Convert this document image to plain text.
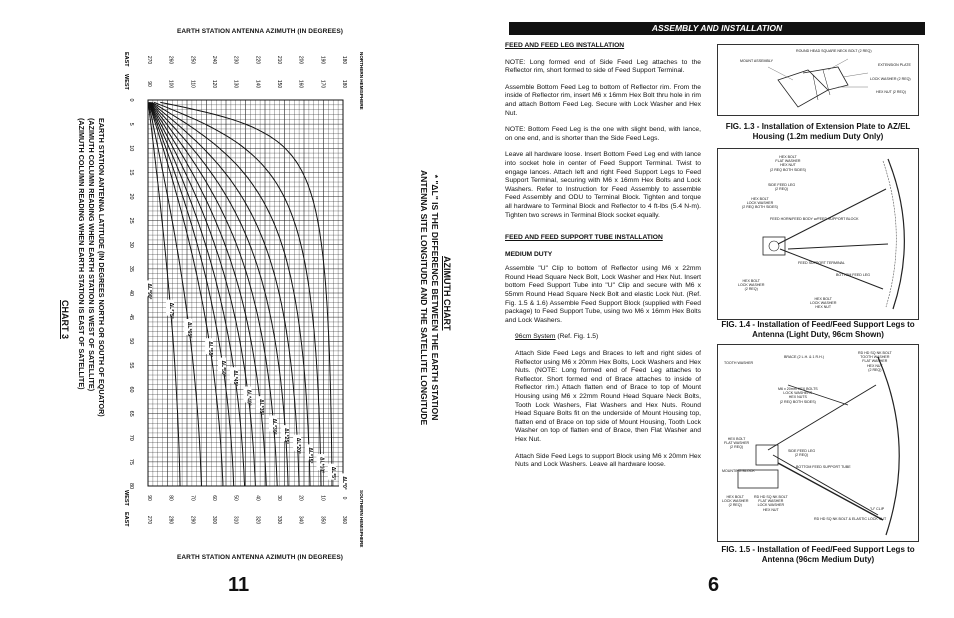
EARTH STATION ANTENNA AZIMUTH (IN DEGREES)
0
5
10
15
20
25
30
35
40
45
50
55
60
65
70
75
80
270	260	250	240	230	220	210	200	190	180
90	100	110	120	130	140	150	160	170	180
90	80	70	60	50	40	30	20	10	0
270	280	290	300	310	320	330	340	350	360
NORTHERN HEMISPHERE
SOUTHERN HEMISPHERE
EAST
WEST
WEST
EAST
ΔL*90°
ΔL*75°
ΔL*65°
ΔL*55°
ΔL*50°
ΔL*45°
ΔL*40°
ΔL*35°
ΔL*30°
ΔL*25°
ΔL*20°
ΔL*15°
ΔL*10°
ΔL*5°
ΔL*0°
EARTH STATION ANTENNA AZIMUTH (IN DEGREES)
AZIMUTH CHART
* "ΔL" IS THE DIFFERENCE BETWEEN THE EARTH STATION
ANTENNA SITE LONGITUDE AND THE SATELLITE LONGITUDE
CHART 3	EARTH STATION ANTENNA LATITUDE (IN DEGREES NORTH OR SOUTH OF EQUATOR)
(AZIMUTH COLUMN READING WHEN EARTH STATION IS WEST OF SATELLITE)
(AZIMUTH COLUMN READING WHEN EARTH STATION IS EAST OF SATELLITE)
11
ASSEMBLY AND INSTALLATION
FEED AND FEED LEG INSTALLATION

NOTE: Long formed end of Side Feed Leg attaches to the Reflector rim, short formed to side of Feed Support Terminal.

Assemble Bottom Feed Leg to bottom of Reflector rim. From the inside of Reflector rim, insert M6 x 16mm Hex Bolt thru hole in rim and attach Bottom Feed Leg. Secure with Lock Washer and Hex Nut.

NOTE: Bottom Feed Leg is the one with slight bend, with lance, on one end, and is shorter than the Side Feed Legs.

Leave all hardware loose. Insert Bottom Feed Leg end with lance into socket hole in center of Feed Support Terminal. Twist to engage lances. Attach left and right Feed Support Legs to Feed Support Terminal, securing with M6 x 16mm Hex Bolts and Lock Washers. Refer to Instruction for Feed Assembly to assemble Feed Assembly and ODU to Terminal Block. Tighten and torque all hardware to Terminal Block and Reflector to 4 ft-lbs (5.4 N-m). Tighten two screws in Terminal Block socket equally.

FEED AND FEED SUPPORT TUBE INSTALLATION
MEDIUM DUTY

Assemble "U" Clip to bottom of Reflector using M6 x 22mm Round Head Square Neck Bolt, Lock Washer and Hex Nut. Insert bottom Feed Support Tube into "U" Clip and secure with M6 x 55mm Round Head Square Neck Bolt and elastic Lock Nut. (Ref. Fig. 1.5 & 1.6) Assemble Feed Support Block (supplied with Feed package) to Feed Support Tube, using two M6 x 16mm Hex Bolts and Lock Washers.

96cm System (Ref. Fig. 1.5)

Attach Side Feed Legs and Braces to left and right sides of Reflector using M6 x 20mm Hex Bolts, Lock Washers and Hex Nuts. (NOTE: Long formed end of Feed Leg attaches to Reflector. Short formed end of Brace attaches to inside of Reflector rim.) Attach flatten end of Brace to top of Mount Housing using M6 x 22mm Round Head Square Neck Bolts, Tooth Lock Washers, Flat Washers and Hex Nuts. Round Head Square Bolts fit on the underside of Mount Housing top, flatten end of Brace on top side of Mount Housing, Tooth Lock Washer on top of flatten end of Brace, then Flat Washer and Hex Nut.

Attach Side Feed Legs to support Block using M6 x 20mm Hex Nuts and Lock Washers. Leave all hardware loose.

ROUND HEAD SQUARE NECK BOLT (2 REQ)
MOUNT ASSEMBLY
EXTENSION PLATE
LOCK WASHER (2 REQ)
HEX NUT (2 REQ)
FIG. 1.3 - Installation of Extension Plate to AZ/EL Housing (1.2m medium Duty Only)
HEX BOLT
FLAT WASHER
HEX NUT
(2 REQ BOTH SIDES)
SIDE FEED LEG
(2 REQ)
HEX BOLT
LOCK WASHER
(2 REQ BOTH SIDES)
FEED HORN/FEED BODY w/FEED SUPPORT BLOCK
FEED SUPPORT TERMINAL
BOTTOM FEED LEG
HEX BOLT
LOCK WASHER
(2 REQ)
HEX BOLT
LOCK WASHER
HEX NUT
FIG. 1.4 - Installation of Feed/Feed Support Legs to Antenna (Light Duty, 96cm Shown)
TOOTH WASHER
BRACE (2 L.H. & 1 R.H.)
RD HD SQ NK BOLT
TOOTH WASHER
FLAT WASHER
HEX NUT
(2 REQ)
M6 x 20mm HEX BOLTS
LOCK WASHERS
HEX NUTS
(2 REQ BOTH SIDES)
HEX BOLT
FLAT WASHER
(2 REQ)
SIDE FEED LEG
(2 REQ)
BOTTOM FEED SUPPORT TUBE
MOUNTING BLOCK
HEX BOLT
LOCK WASHER
(2 REQ)
RD HD SQ NK BOLT
FLAT WASHER
LOCK WASHER
HEX NUT
RD HD SQ NK BOLT & ELASTIC LOCK NUT
"U" CLIP
FIG. 1.5 - Installation of Feed/Feed Support Legs to Antenna (96cm Medium Duty)
6
